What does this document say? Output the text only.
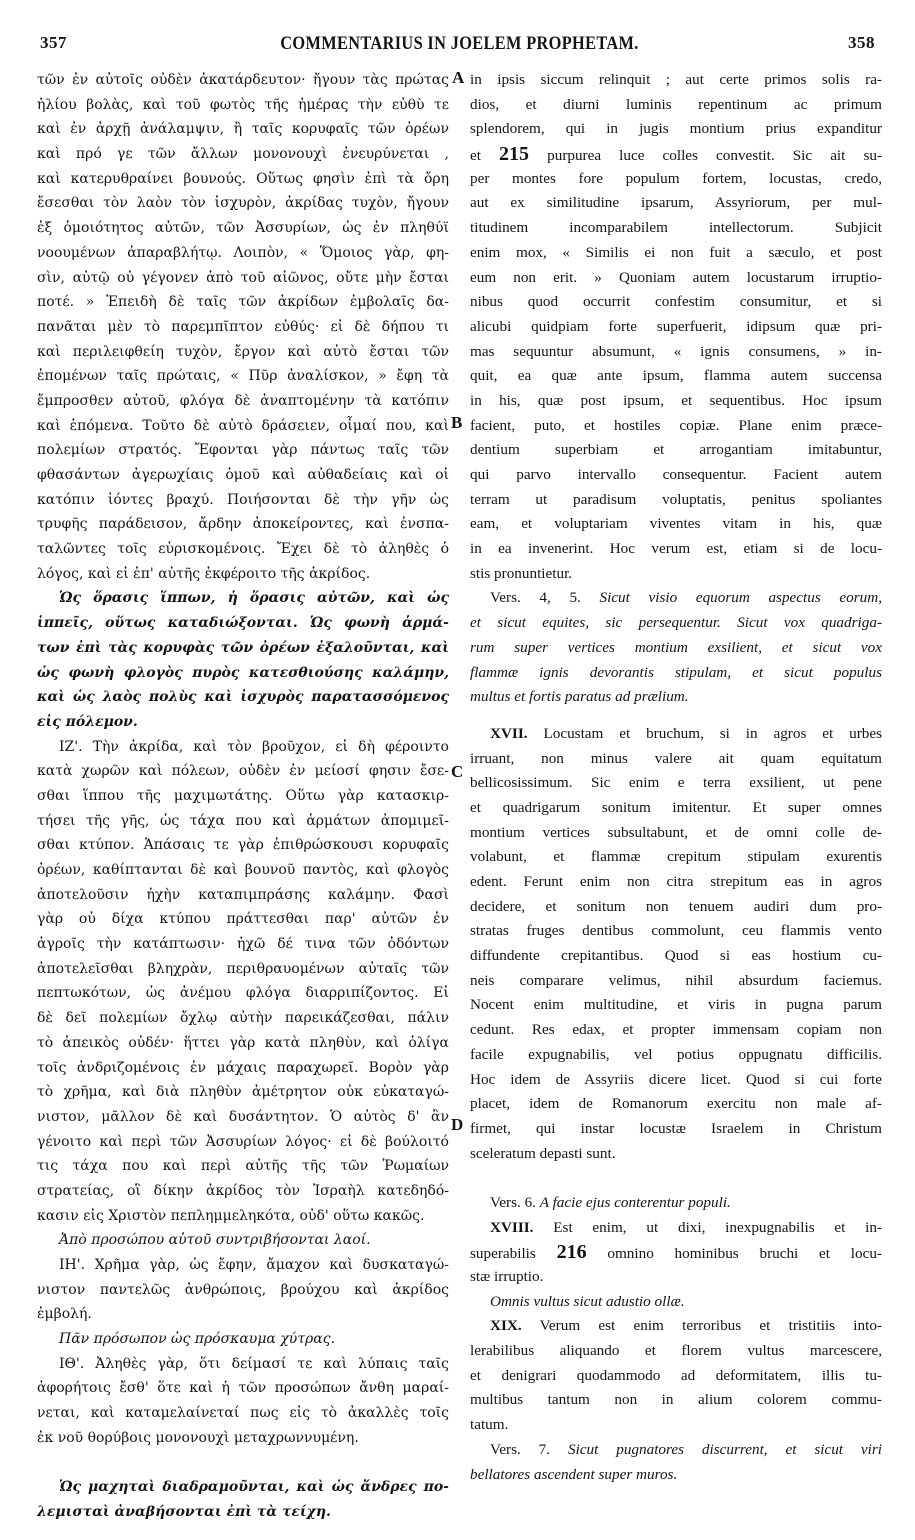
357	COMMENTARIUS IN JOELEM PROPHETAM.	358
A
B
C
D
τῶν ἐν αὐτοῖς οὐδὲν ἀκατάρδευτον· ἤγουν τὰς πρώτας
ἡλίου βολὰς, καὶ τοῦ φωτὸς τῆς ἡμέρας τὴν εὐθὺ τε
καὶ ἐν ἀρχῇ ἀνάλαμψιν, ἢ ταῖς κορυφαῖς τῶν ὀρέων
καὶ πρό γε τῶν ἄλλων μονονουχὶ ἐνευρύνεται ,
καὶ κατερυθραίνει βουνούς. Οὕτως φησὶν ἐπὶ τὰ ὄρη
ἔσεσθαι τὸν λαὸν τὸν ἰσχυρὸν, ἀκρίδας τυχὸν, ἤγουν
ἐξ ὁμοιότητος αὐτῶν, τῶν Ἀσσυρίων, ὡς ἐν πληθύϊ
νοουμένων ἀπαραβλήτῳ. Λοιπὸν, « Ὅμοιος γὰρ, φη-
σὶν, αὐτῷ οὐ γέγονεν ἀπὸ τοῦ αἰῶνος, οὔτε μὴν ἔσται
ποτέ. » Ἐπειδὴ δὲ ταῖς τῶν ἀκρίδων ἐμβολαῖς δα-
πανᾶται μὲν τὸ παρεμπῖπτον εὐθύς· εἰ δὲ δήπου τι
καὶ περιλειφθείη τυχὸν, ἔργον καὶ αὐτὸ ἔσται τῶν
ἑπομένων ταῖς πρώταις, « Πῦρ ἀναλίσκον, » ἔφη τὰ
ἔμπροσθεν αὐτοῦ, φλόγα δὲ ἀναπτομένην τὰ κατόπιν
καὶ ἑπόμενα. Τοῦτο δὲ αὐτὸ δράσειεν, οἶμαί που, καὶ
πολεμίων στρατός. Ἔφονται γὰρ πάντως ταῖς τῶν
φθασάντων ἀγερωχίαις ὁμοῦ καὶ αὐθαδείαις καὶ οἱ
κατόπιν ἰόντες βραχύ. Ποιήσονται δὲ τὴν γῆν ὡς
τρυφῆς παράδεισον, ἄρδην ἀποκείροντες, καὶ ἐνσπα-
ταλῶντες τοῖς εὑρισκομένοις. Ἔχει δὲ τὸ ἀληθὲς ὁ
λόγος, καὶ εἰ ἐπ' αὐτῆς ἐκφέροιτο τῆς ἀκρίδος.
Ὡς ὅρασις ἵππων, ἡ ὅρασις αὐτῶν, καὶ ὡς
ἱππεῖς, οὕτως καταδιώξονται. Ὡς φωνὴ ἁρμά-
των ἐπὶ τὰς κορυφὰς τῶν ὀρέων ἐξαλοῦνται, καὶ
ὡς φωνὴ φλογὸς πυρὸς κατεσθιούσης καλάμην,
καὶ ὡς λαὸς πολὺς καὶ ἰσχυρὸς παρατασσόμενος
εἰς πόλεμον.
ΙΖ'. Τὴν ἀκρίδα, καὶ τὸν βροῦχον, εἰ δὴ φέροιντο
κατὰ χωρῶν καὶ πόλεων, οὐδὲν ἐν μείοσί φησιν ἔσε-
σθαι ἵππου τῆς μαχιμωτάτης. Οὕτω γὰρ κατασκιρ-
τήσει τῆς γῆς, ὡς τάχα που καὶ ἁρμάτων ἀπομιμεῖ-
σθαι κτύπον. Ἁπάσαις τε γὰρ ἐπιθρώσκουσι κορυφαῖς
ὀρέων, καθίπτανται δὲ καὶ βουνοῦ παντὸς, καὶ φλογὸς
ἀποτελοῦσιν ἠχὴν καταπιμπράσης καλάμην. Φασὶ
γὰρ οὐ δίχα κτύπου πράττεσθαι παρ' αὐτῶν ἐν
ἀγροῖς τὴν κατάπτωσιν· ἠχῶ δέ τινα τῶν ὀδόντων
ἀποτελεῖσθαι βληχρὰν, περιθραυομένων αὐταῖς τῶν
πεπτωκότων, ὡς ἀνέμου φλόγα διαρριπίζοντος. Εἰ
δὲ δεῖ πολεμίων ὄχλῳ αὐτὴν παρεικάζεσθαι, πάλιν
τὸ ἀπεικὸς οὐδέν· ἥττει γὰρ κατὰ πληθὺν, καὶ ὀλίγα
τοῖς ἀνδριζομένοις ἐν μάχαις παραχωρεῖ. Βορὸν γὰρ
τὸ χρῆμα, καὶ διὰ πληθὺν ἀμέτρητον οὐκ εὐκαταγώ-
νιστον, μᾶλλον δὲ καὶ δυσάντητον. Ὁ αὐτὸς δ' ἂν
γένοιτο καὶ περὶ τῶν Ἀσσυρίων λόγος· εἰ δὲ βούλοιτό
τις τάχα που καὶ περὶ αὐτῆς τῆς τῶν Ῥωμαίων
στρατείας, οἳ δίκην ἀκρίδος τὸν Ἰσραὴλ κατεδηδό-
κασιν εἰς Χριστὸν πεπλημμεληκότα, οὐδ' οὕτω κακῶς.
Ἀπὸ προσώπου αὐτοῦ συντριβήσονται λαοί.
ΙΗ'. Χρῆμα γὰρ, ὡς ἔφην, ἄμαχον καὶ δυσκαταγώ-
νιστον παντελῶς ἀνθρώποις, βρούχου καὶ ἀκρίδος
ἐμβολή.
Πᾶν πρόσωπον ὡς πρόσκαυμα χύτρας.
ΙΘ'. Ἀληθὲς γὰρ, ὅτι δείμασί τε καὶ λύπαις ταῖς
ἀφορήτοις ἔσθ' ὅτε καὶ ἡ τῶν προσώπων ἄνθη μαραί-
νεται, καὶ καταμελαίνεταί πως εἰς τὸ ἀκαλλὲς τοῖς
ἐκ νοῦ θορύβοις μονονουχὶ μεταχρωννυμένη.
Ὡς μαχηταὶ διαδραμοῦνται, καὶ ὡς ἄνδρες πο-
λεμισταὶ ἀναβήσονται ἐπὶ τὰ τείχη.
in ipsis siccum relinquit ; aut certe primos solis ra-
dios, et diurni luminis repentinum ac primum
splendorem, qui in jugis montium prius expanditur
et 215 purpurea luce colles convestit. Sic ait su-
per montes fore populum fortem, locustas, credo,
aut ex similitudine ipsarum, Assyriorum, per mul-
titudinem incomparabilem intellectorum. Subjicit
enim mox, « Similis ei non fuit a sæculo, et post
eum non erit. » Quoniam autem locustarum irruptio-
nibus quod occurrit confestim consumitur, et si
alicubi quidpiam forte superfuerit, idipsum quæ pri-
mas sequuntur absumunt, « ignis consumens, » in-
quit, ea quæ ante ipsum, flamma autem succensa
in his, quæ post ipsum, et sequentibus. Hoc ipsum
facient, puto, et hostiles copiæ. Plane enim præce-
dentium superbiam et arrogantiam imitabuntur,
qui parvo intervallo consequentur. Facient autem
terram ut paradisum voluptatis, penitus spoliantes
eam, et voluptariam viventes vitam in his, quæ
in ea invenerint. Hoc verum est, etiam si de locu-
stis pronuntietur.
Vers. 4, 5. Sicut visio equorum aspectus eorum,
et sicut equites, sic persequentur. Sicut vox quadriga-
rum super vertices montium exsilient, et sicut vox
flammæ ignis devorantis stipulam, et sicut populus
multus et fortis paratus ad prælium.
XVII. Locustam et bruchum, si in agros et urbes
irruant, non minus valere ait quam equitatum
bellicosissimum. Sic enim e terra exsilient, ut pene
et quadrigarum sonitum imitentur. Et super omnes
montium vertices subsultabunt, et de omni colle de-
volabunt, et flammæ crepitum stipulam exurentis
edent. Ferunt enim non citra strepitum eas in agros
decidere, et sonitum non tenuem audiri dum pro-
stratas fruges dentibus commolunt, ceu flammis vento
diffundente crepitantibus. Quod si eas hostium cu-
neis comparare velimus, nihil absurdum faciemus.
Nocent enim multitudine, et viris in pugna parum
cedunt. Res edax, et propter immensam copiam non
facile expugnabilis, vel potius oppugnatu difficilis.
Hoc idem de Assyriis dicere licet. Quod si cui forte
placet, idem de Romanorum exercitu non male af-
firmet, qui instar locustæ Israelem in Christum
sceleratum depasti sunt.
Vers. 6. A facie ejus conterentur populi.
XVIII. Est enim, ut dixi, inexpugnabilis et in-
superabilis 216 omnino hominibus bruchi et locu-
stæ irruptio.
Omnis vultus sicut adustio ollæ.
XIX. Verum est enim terroribus et tristitiis into-
lerabilibus aliquando et florem vultus marcescere,
et denigrari quodammodo ad deformitatem, illis tu-
multibus tantum non in alium colorem commu-
tatum.
Vers. 7. Sicut pugnatores discurrent, et sicut viri
bellatores ascendent super muros.
